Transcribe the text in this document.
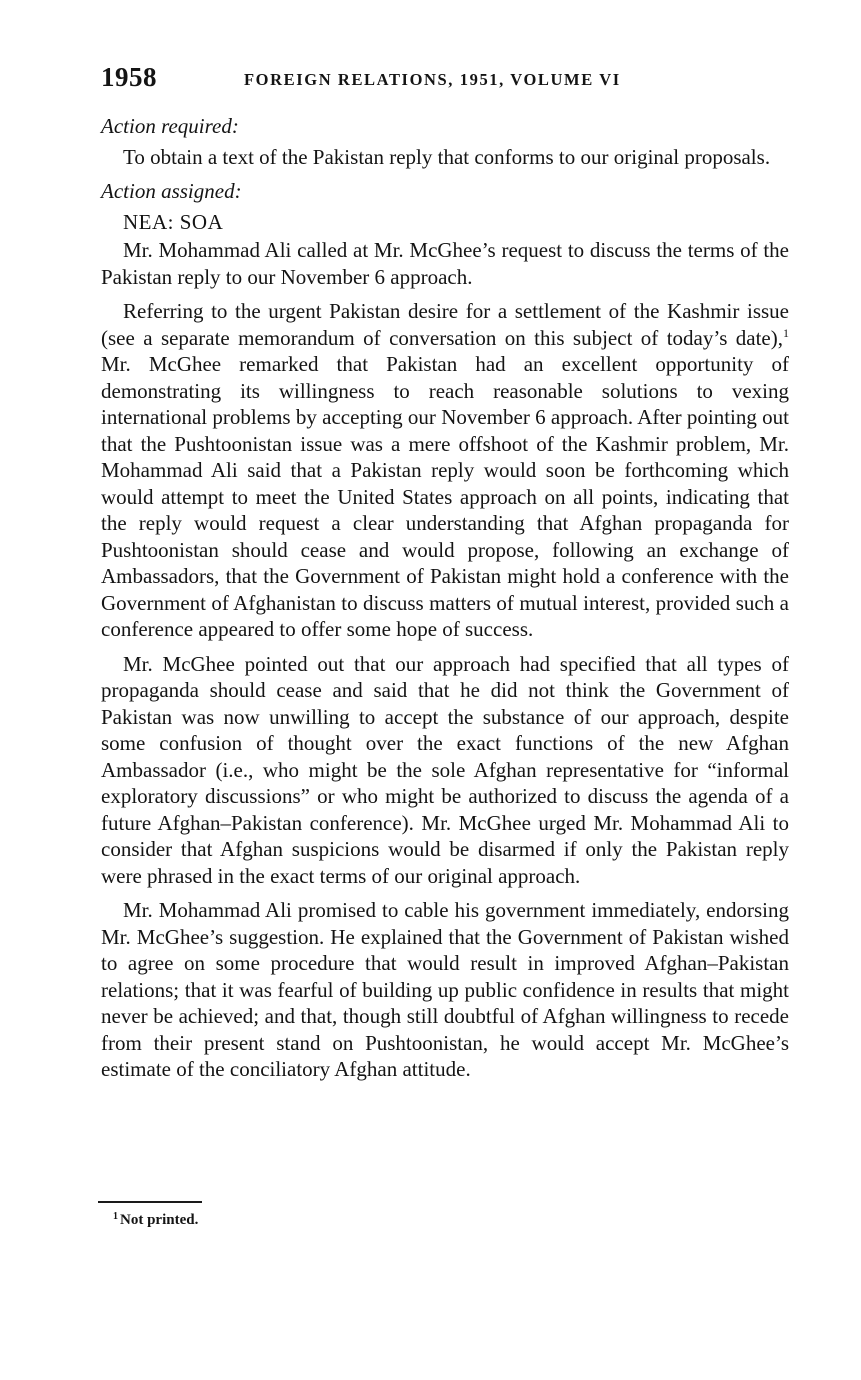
1958	FOREIGN RELATIONS, 1951, VOLUME VI
Action required:

To obtain a text of the Pakistan reply that conforms to our original proposals.

Action assigned:
NEA: SOA

Mr. Mohammad Ali called at Mr. McGhee’s request to discuss the terms of the Pakistan reply to our November 6 approach.

Referring to the urgent Pakistan desire for a settlement of the Kashmir issue (see a separate memorandum of conversation on this subject of today’s date),$^1$ Mr. McGhee remarked that Pakistan had an excellent opportunity of demonstrating its willingness to reach reasonable solutions to vexing international problems by accepting our November 6 approach. After pointing out that the Pushtoonistan issue was a mere offshoot of the Kashmir problem, Mr. Mohammad Ali said that a Pakistan reply would soon be forthcoming which would attempt to meet the United States approach on all points, indicating that the reply would request a clear understanding that Afghan propaganda for Pushtoonistan should cease and would propose, following an exchange of Ambassadors, that the Government of Pakistan might hold a conference with the Government of Afghanistan to discuss matters of mutual interest, provided such a conference appeared to offer some hope of success.

Mr. McGhee pointed out that our approach had specified that all types of propaganda should cease and said that he did not think the Government of Pakistan was now unwilling to accept the substance of our approach, despite some confusion of thought over the exact functions of the new Afghan Ambassador (i.e., who might be the sole Afghan representative for “informal exploratory discussions” or who might be authorized to discuss the agenda of a future Afghan–Pakistan conference). Mr. McGhee urged Mr. Mohammad Ali to consider that Afghan suspicions would be disarmed if only the Pakistan reply were phrased in the exact terms of our original approach.

Mr. Mohammad Ali promised to cable his government immediately, endorsing Mr. McGhee’s suggestion. He explained that the Government of Pakistan wished to agree on some procedure that would result in improved Afghan–Pakistan relations; that it was fearful of building up public confidence in results that might never be achieved; and that, though still doubtful of Afghan willingness to recede from their present stand on Pushtoonistan, he would accept Mr. McGhee’s estimate of the conciliatory Afghan attitude.

$^1$ Not printed.
